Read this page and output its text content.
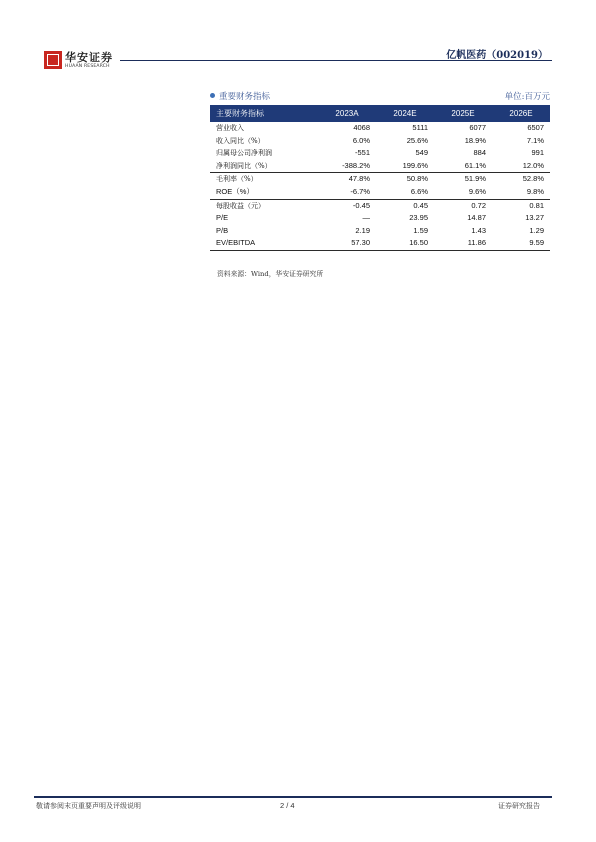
华安证券
HUAAN RESEARCH
亿帆医药（002019）
重要财务指标	单位:百万元
主要财务指标	2023A	2024E	2025E	2026E
营业收入	4068	5111	6077	6507
收入同比（%）	6.0%	25.6%	18.9%	7.1%
归属母公司净利润	-551	549	884	991
净利润同比（%）	-388.2%	199.6%	61.1%	12.0%
毛利率（%）	47.8%	50.8%	51.9%	52.8%
ROE（%）	-6.7%	6.6%	9.6%	9.8%
每股收益（元）	-0.45	0.45	0.72	0.81
P/E	—	23.95	14.87	13.27
P/B	2.19	1.59	1.43	1.29
EV/EBITDA	57.30	16.50	11.86	9.59
资料来源：Wind，华安证券研究所
敬请参阅末页重要声明及评级说明	2 / 4	证券研究报告
